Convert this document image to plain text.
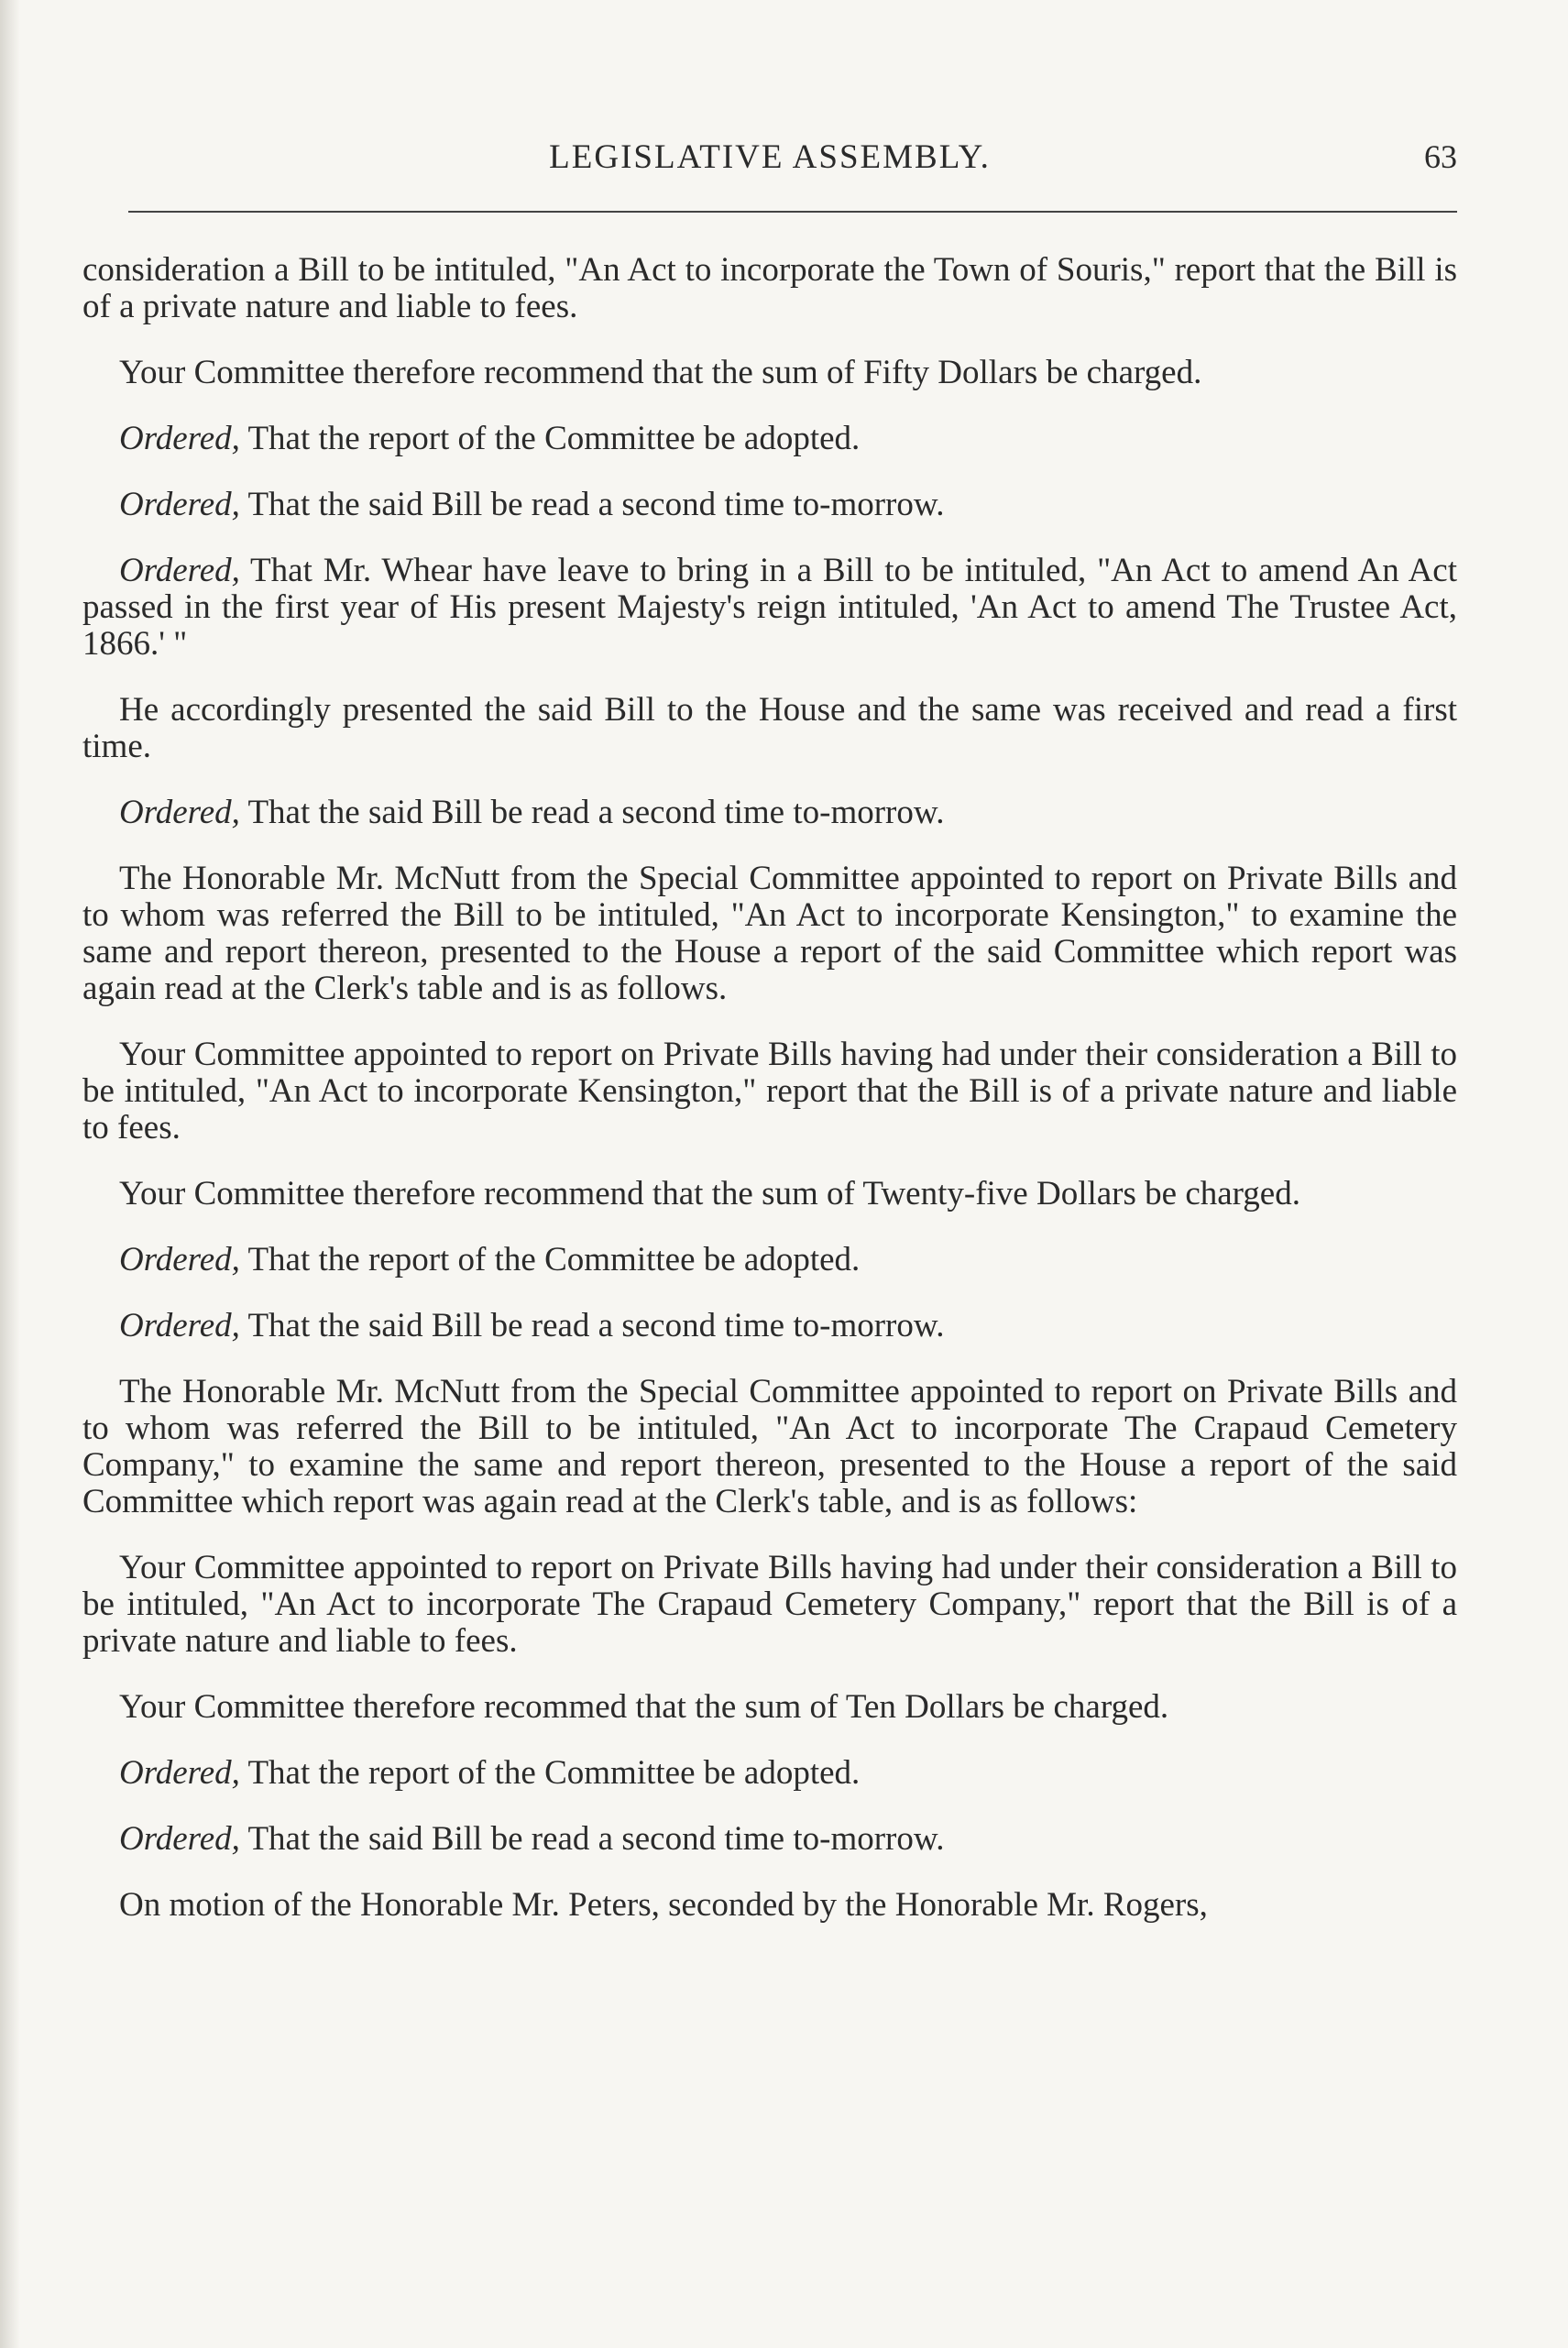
LEGISLATIVE ASSEMBLY.	63

consideration a Bill to be intituled, "An Act to incorporate the Town of Souris," report that the Bill is of a private nature and liable to fees.

Your Committee therefore recommend that the sum of Fifty Dollars be charged.

Ordered, That the report of the Committee be adopted.

Ordered, That the said Bill be read a second time to-morrow.

Ordered, That Mr. Whear have leave to bring in a Bill to be intituled, "An Act to amend An Act passed in the first year of His present Majesty's reign intituled, 'An Act to amend The Trustee Act, 1866.' "

He accordingly presented the said Bill to the House and the same was received and read a first time.

Ordered, That the said Bill be read a second time to-morrow.

The Honorable Mr. McNutt from the Special Committee appointed to report on Private Bills and to whom was referred the Bill to be intituled, "An Act to incorporate Kensington," to examine the same and report thereon, presented to the House a report of the said Committee which report was again read at the Clerk's table and is as follows.

Your Committee appointed to report on Private Bills having had under their consideration a Bill to be intituled, "An Act to incorporate Kensington," report that the Bill is of a private nature and liable to fees.

Your Committee therefore recommend that the sum of Twenty-five Dollars be charged.

Ordered, That the report of the Committee be adopted.

Ordered, That the said Bill be read a second time to-morrow.

The Honorable Mr. McNutt from the Special Committee appointed to report on Private Bills and to whom was referred the Bill to be intituled, "An Act to incorporate The Crapaud Cemetery Company," to examine the same and report thereon, presented to the House a report of the said Committee which report was again read at the Clerk's table, and is as follows:

Your Committee appointed to report on Private Bills having had under their consideration a Bill to be intituled, "An Act to incorporate The Crapaud Cemetery Company," report that the Bill is of a private nature and liable to fees.

Your Committee therefore recommed that the sum of Ten Dollars be charged.

Ordered, That the report of the Committee be adopted.

Ordered, That the said Bill be read a second time to-morrow.

On motion of the Honorable Mr. Peters, seconded by the Honorable Mr. Rogers,
